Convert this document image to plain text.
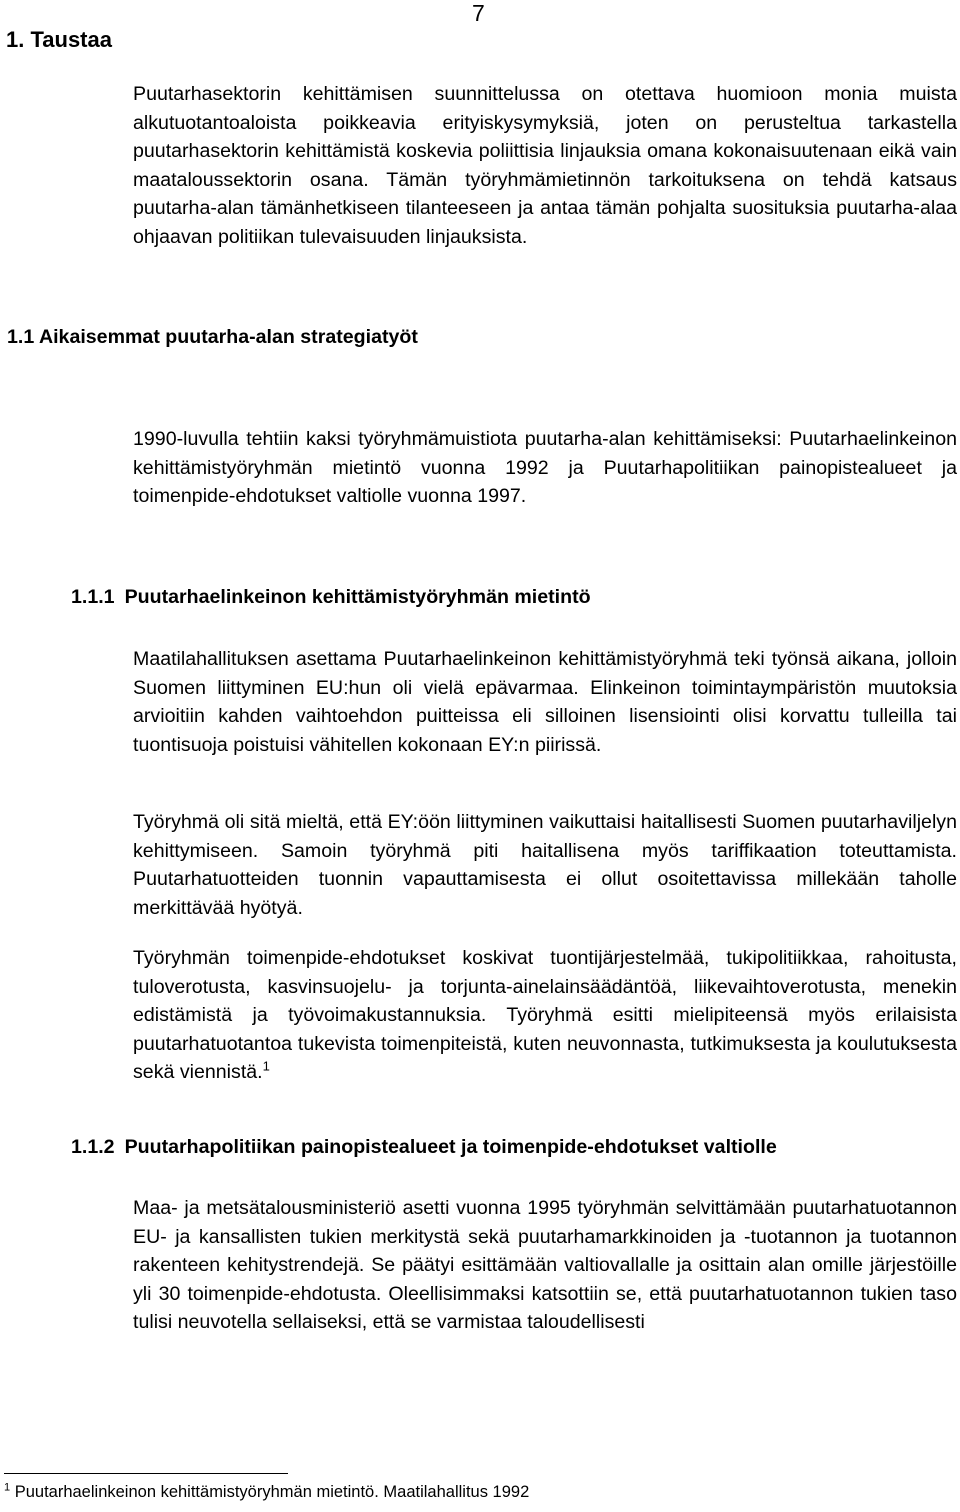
7
1. Taustaa

Puutarhasektorin kehittämisen suunnittelussa on otettava huomioon monia muista alkutuotantoaloista poikkeavia erityiskysymyksiä, joten on perusteltua tarkastella puutarhasektorin kehittämistä koskevia poliittisia linjauksia omana kokonaisuutenaan eikä vain maataloussektorin osana. Tämän työryhmämietinnön tarkoituksena on tehdä katsaus puutarha-alan tämänhetkiseen tilanteeseen ja antaa tämän pohjalta suosituksia puutarha-alaa ohjaavan politiikan tulevaisuuden linjauksista.

1.1 Aikaisemmat puutarha-alan strategiatyöt

1990-luvulla tehtiin kaksi työryhmämuistiota puutarha-alan kehittämiseksi: Puutarhaelinkeinon kehittämistyöryhmän mietintö vuonna 1992 ja Puutarhapolitiikan painopistealueet ja toimenpide-ehdotukset valtiolle vuonna 1997.

1.1.1 Puutarhaelinkeinon kehittämistyöryhmän mietintö

Maatilahallituksen asettama Puutarhaelinkeinon kehittämistyöryhmä teki työnsä aikana, jolloin Suomen liittyminen EU:hun oli vielä epävarmaa. Elinkeinon toimintaympäristön muutoksia arvioitiin kahden vaihtoehdon puitteissa eli silloinen lisensiointi olisi korvattu tulleilla tai tuontisuoja poistuisi vähitellen kokonaan EY:n piirissä.

Työryhmä oli sitä mieltä, että EY:öön liittyminen vaikuttaisi haitallisesti Suomen puutarhaviljelyn kehittymiseen. Samoin työryhmä piti haitallisena myös tariffikaation toteuttamista. Puutarhatuotteiden tuonnin vapauttamisesta ei ollut osoitettavissa millekään taholle merkittävää hyötyä.

Työryhmän toimenpide-ehdotukset koskivat tuontijärjestelmää, tukipolitiikkaa, rahoitusta, tuloverotusta, kasvinsuojelu- ja torjunta-ainelainsäädäntöä, liikevaihtoverotusta, menekin edistämistä ja työvoimakustannuksia. Työryhmä esitti mielipiteensä myös erilaisista puutarhatuotantoa tukevista toimenpiteistä, kuten neuvonnasta, tutkimuksesta ja koulutuksesta sekä viennistä.$^1$

1.1.2 Puutarhapolitiikan painopistealueet ja toimenpide-ehdotukset valtiolle

Maa- ja metsätalousministeriö asetti vuonna 1995 työryhmän selvittämään puutarhatuotannon EU- ja kansallisten tukien merkitystä sekä puutarhamarkkinoiden ja -tuotannon ja tuotannon rakenteen kehitystrendejä. Se päätyi esittämään valtiovallalle ja osittain alan omille järjestöille yli 30 toimenpide-ehdotusta. Oleellisimmaksi katsottiin se, että puutarhatuotannon tukien taso tulisi neuvotella sellaiseksi, että se varmistaa taloudellisesti

$^1$ Puutarhaelinkeinon kehittämistyöryhmän mietintö. Maatilahallitus 1992
